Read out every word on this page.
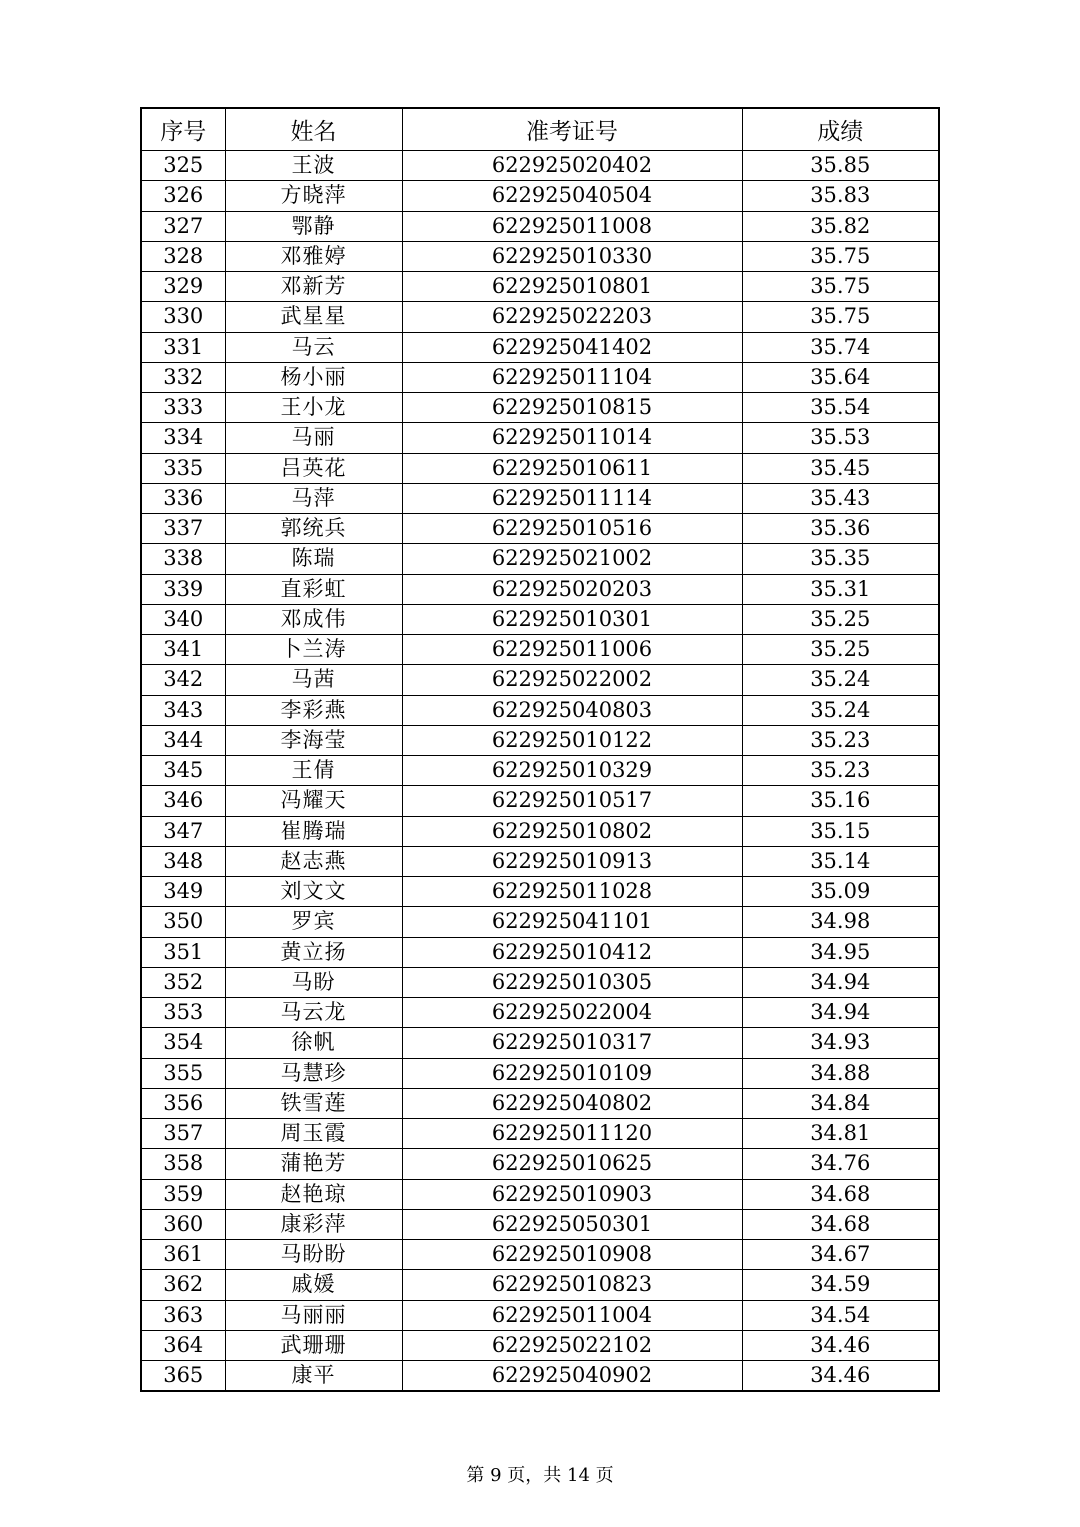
序号	姓名	准考证号	成绩
325	王波	622925020402	35.85
326	方晓萍	622925040504	35.83
327	鄂静	622925011008	35.82
328	邓雅婷	622925010330	35.75
329	邓新芳	622925010801	35.75
330	武星星	622925022203	35.75
331	马云	622925041402	35.74
332	杨小丽	622925011104	35.64
333	王小龙	622925010815	35.54
334	马丽	622925011014	35.53
335	吕英花	622925010611	35.45
336	马萍	622925011114	35.43
337	郭统兵	622925010516	35.36
338	陈瑞	622925021002	35.35
339	直彩虹	622925020203	35.31
340	邓成伟	622925010301	35.25
341	卜兰涛	622925011006	35.25
342	马茜	622925022002	35.24
343	李彩燕	622925040803	35.24
344	李海莹	622925010122	35.23
345	王倩	622925010329	35.23
346	冯耀天	622925010517	35.16
347	崔腾瑞	622925010802	35.15
348	赵志燕	622925010913	35.14
349	刘文文	622925011028	35.09
350	罗宾	622925041101	34.98
351	黄立扬	622925010412	34.95
352	马盼	622925010305	34.94
353	马云龙	622925022004	34.94
354	徐帆	622925010317	34.93
355	马慧珍	622925010109	34.88
356	铁雪莲	622925040802	34.84
357	周玉霞	622925011120	34.81
358	蒲艳芳	622925010625	34.76
359	赵艳琼	622925010903	34.68
360	康彩萍	622925050301	34.68
361	马盼盼	622925010908	34.67
362	戚媛	622925010823	34.59
363	马丽丽	622925011004	34.54
364	武珊珊	622925022102	34.46
365	康平	622925040902	34.46
第 9 页，共 14 页
